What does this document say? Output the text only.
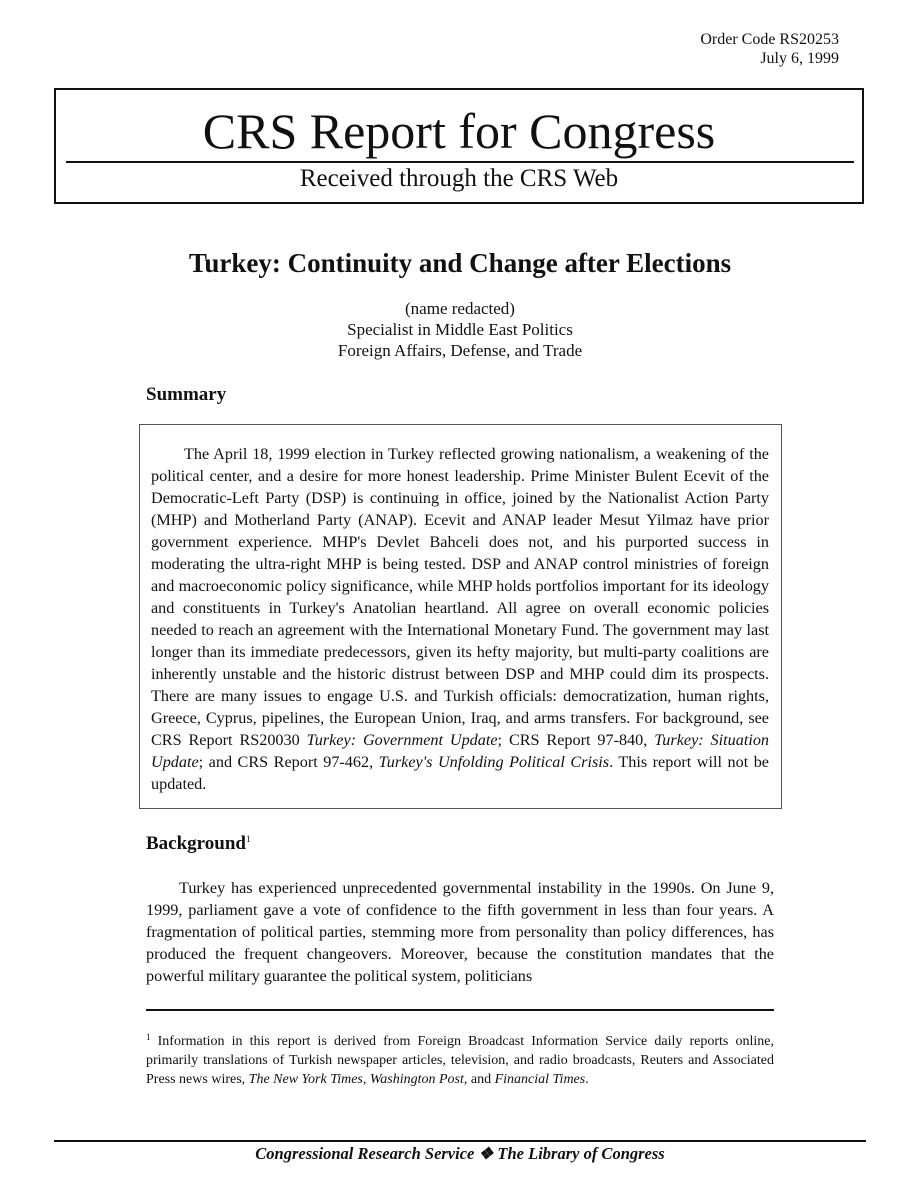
Order Code RS20253
July 6, 1999
CRS Report for Congress
Received through the CRS Web
Turkey: Continuity and Change after Elections
(name redacted)
Specialist in Middle East Politics
Foreign Affairs, Defense, and Trade
Summary

The April 18, 1999 election in Turkey reflected growing nationalism, a weakening of the political center, and a desire for more honest leadership. Prime Minister Bulent Ecevit of the Democratic-Left Party (DSP) is continuing in office, joined by the Nationalist Action Party (MHP) and Motherland Party (ANAP). Ecevit and ANAP leader Mesut Yilmaz have prior government experience. MHP's Devlet Bahceli does not, and his purported success in moderating the ultra-right MHP is being tested. DSP and ANAP control ministries of foreign and macroeconomic policy significance, while MHP holds portfolios important for its ideology and constituents in Turkey's Anatolian heartland. All agree on overall economic policies needed to reach an agreement with the International Monetary Fund. The government may last longer than its immediate predecessors, given its hefty majority, but multi-party coalitions are inherently unstable and the historic distrust between DSP and MHP could dim its prospects. There are many issues to engage U.S. and Turkish officials: democratization, human rights, Greece, Cyprus, pipelines, the European Union, Iraq, and arms transfers. For background, see CRS Report RS20030 Turkey: Government Update; CRS Report 97-840, Turkey: Situation Update; and CRS Report 97-462, Turkey's Unfolding Political Crisis. This report will not be updated.

Background$^1$

Turkey has experienced unprecedented governmental instability in the 1990s. On June 9, 1999, parliament gave a vote of confidence to the fifth government in less than four years. A fragmentation of political parties, stemming more from personality than policy differences, has produced the frequent changeovers. Moreover, because the constitution mandates that the powerful military guarantee the political system, politicians

$^1$ Information in this report is derived from Foreign Broadcast Information Service daily reports online, primarily translations of Turkish newspaper articles, television, and radio broadcasts, Reuters and Associated Press news wires, The New York Times, Washington Post, and Financial Times.
Congressional Research Service ❖ The Library of Congress
